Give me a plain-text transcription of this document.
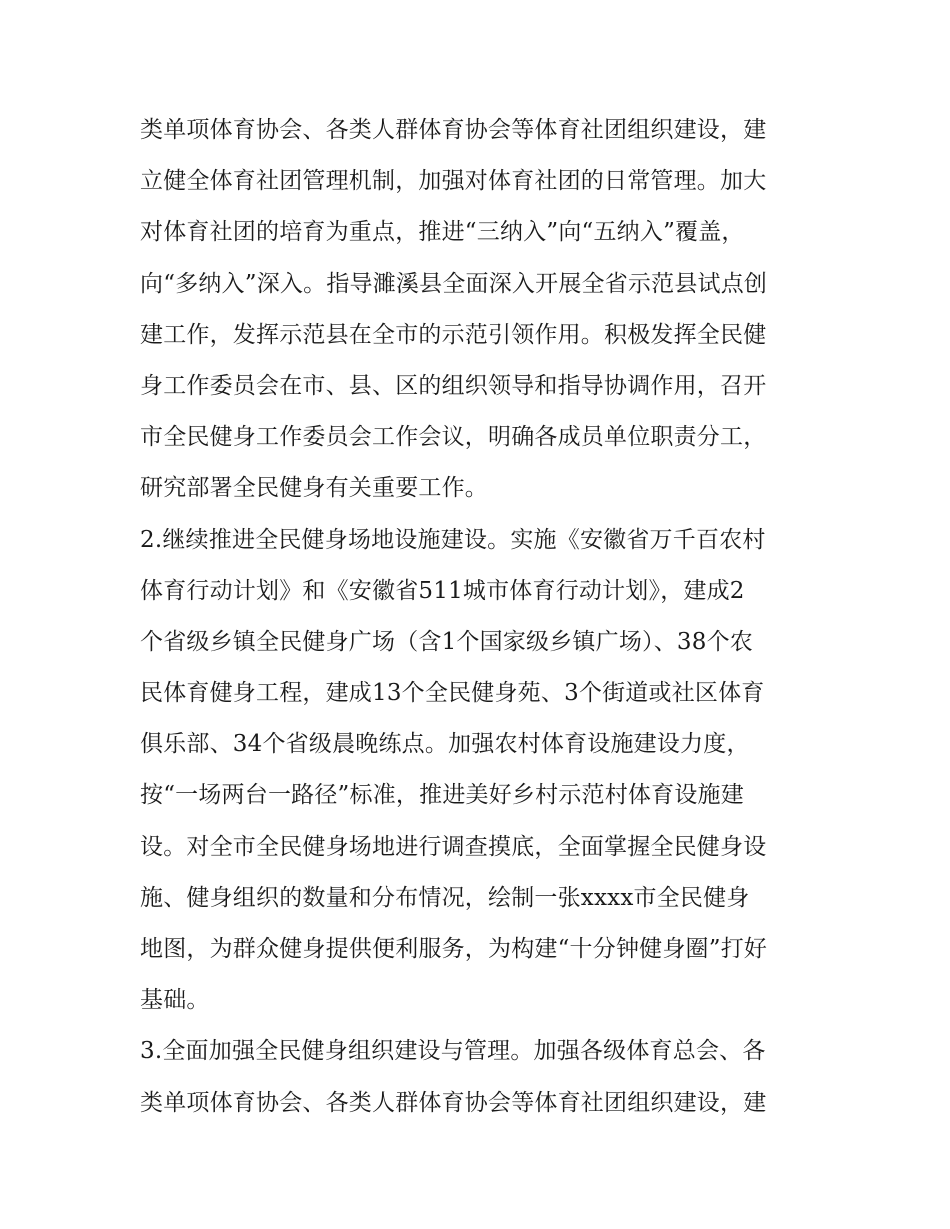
类单项体育协会、各类人群体育协会等体育社团组织建设，建
立健全体育社团管理机制，加强对体育社团的日常管理。加大
对体育社团的培育为重点，推进“三纳入”向“五纳入”覆盖，
向“多纳入”深入。指导濉溪县全面深入开展全省示范县试点创
建工作，发挥示范县在全市的示范引领作用。积极发挥全民健
身工作委员会在市、县、区的组织领导和指导协调作用，召开
市全民健身工作委员会工作会议，明确各成员单位职责分工，
研究部署全民健身有关重要工作。
2.继续推进全民健身场地设施建设。实施《安徽省万千百农村
体育行动计划》和《安徽省511城市体育行动计划》，建成2
个省级乡镇全民健身广场（含1个国家级乡镇广场）、38个农
民体育健身工程，建成13个全民健身苑、3个街道或社区体育
俱乐部、34个省级晨晚练点。加强农村体育设施建设力度，
按“一场两台一路径”标准，推进美好乡村示范村体育设施建
设。对全市全民健身场地进行调查摸底，全面掌握全民健身设
施、健身组织的数量和分布情况，绘制一张xxxx市全民健身
地图，为群众健身提供便利服务，为构建“十分钟健身圈”打好
基础。
3.全面加强全民健身组织建设与管理。加强各级体育总会、各
类单项体育协会、各类人群体育协会等体育社团组织建设，建
